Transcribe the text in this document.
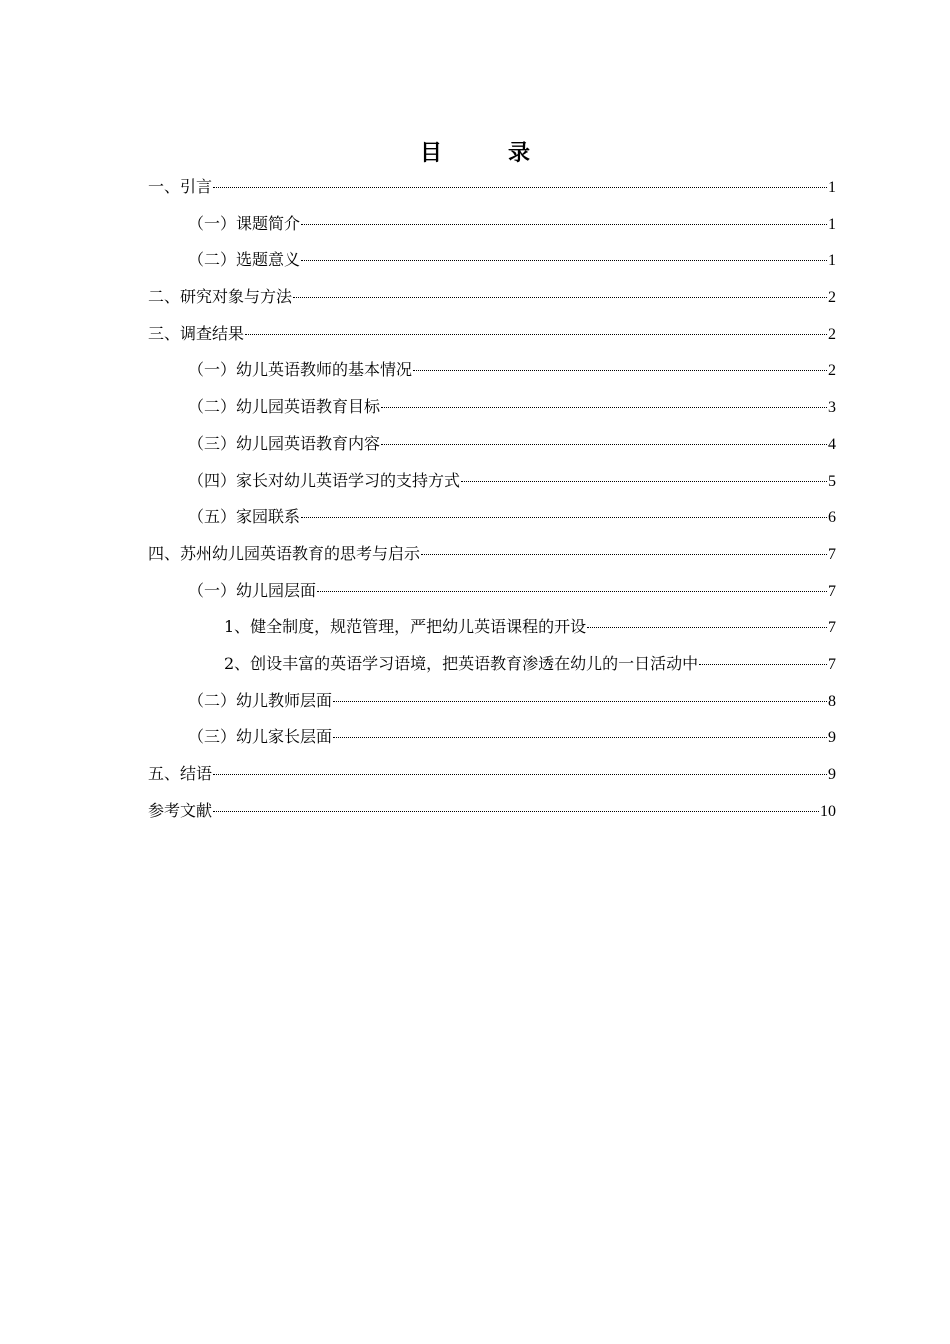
目　录
一、引言	1
（一）课题简介	1
（二）选题意义	1
二、研究对象与方法	2
三、调查结果	2
（一）幼儿英语教师的基本情况	2
（二）幼儿园英语教育目标	3
（三）幼儿园英语教育内容	4
（四）家长对幼儿英语学习的支持方式	5
（五）家园联系	6
四、苏州幼儿园英语教育的思考与启示	7
（一）幼儿园层面	7
1、健全制度，规范管理，严把幼儿英语课程的开设	7
2、创设丰富的英语学习语境，把英语教育渗透在幼儿的一日活动中	7
（二）幼儿教师层面	8
（三）幼儿家长层面	9
五、结语	9
参考文献	10
